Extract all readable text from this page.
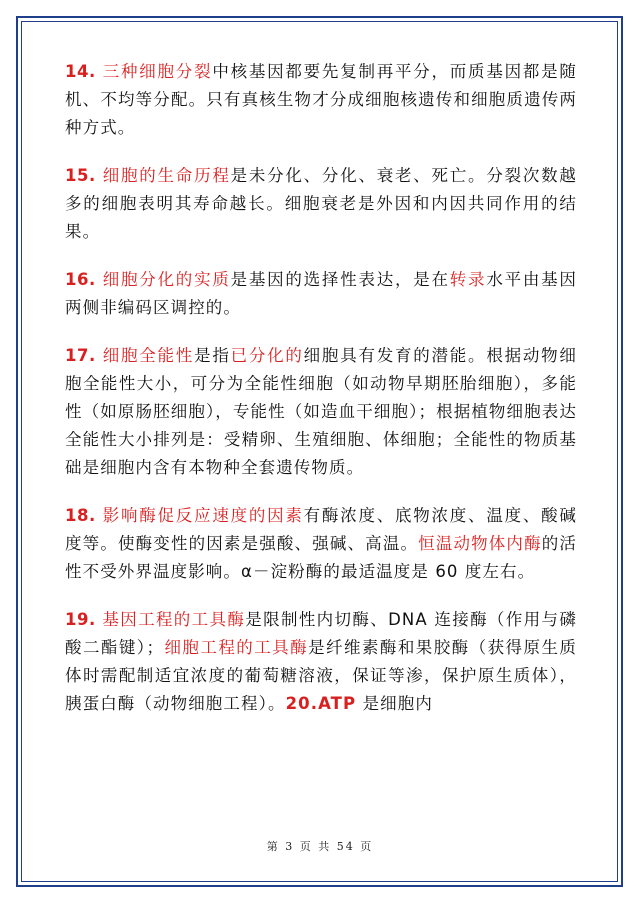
14. 三种细胞分裂中核基因都要先复制再平分，而质基因都是随机、不均等分配。只有真核生物才分成细胞核遗传和细胞质遗传两种方式。

15. 细胞的生命历程是未分化、分化、衰老、死亡。分裂次数越多的细胞表明其寿命越长。细胞衰老是外因和内因共同作用的结果。

16. 细胞分化的实质是基因的选择性表达，是在转录水平由基因两侧非编码区调控的。

17. 细胞全能性是指已分化的细胞具有发育的潜能。根据动物细胞全能性大小，可分为全能性细胞（如动物早期胚胎细胞），多能性（如原肠胚细胞），专能性（如造血干细胞）；根据植物细胞表达全能性大小排列是：受精卵、生殖细胞、体细胞；全能性的物质基础是细胞内含有本物种全套遗传物质。

18. 影响酶促反应速度的因素有酶浓度、底物浓度、温度、酸碱度等。使酶变性的因素是强酸、强碱、高温。恒温动物体内酶的活性不受外界温度影响。α－淀粉酶的最适温度是 60 度左右。

19. 基因工程的工具酶是限制性内切酶、DNA 连接酶（作用与磷酸二酯键）；细胞工程的工具酶是纤维素酶和果胶酶（获得原生质体时需配制适宜浓度的葡萄糖溶液，保证等渗，保护原生质体），胰蛋白酶（动物细胞工程）。20.ATP 是细胞内

第 3 页 共 54 页
